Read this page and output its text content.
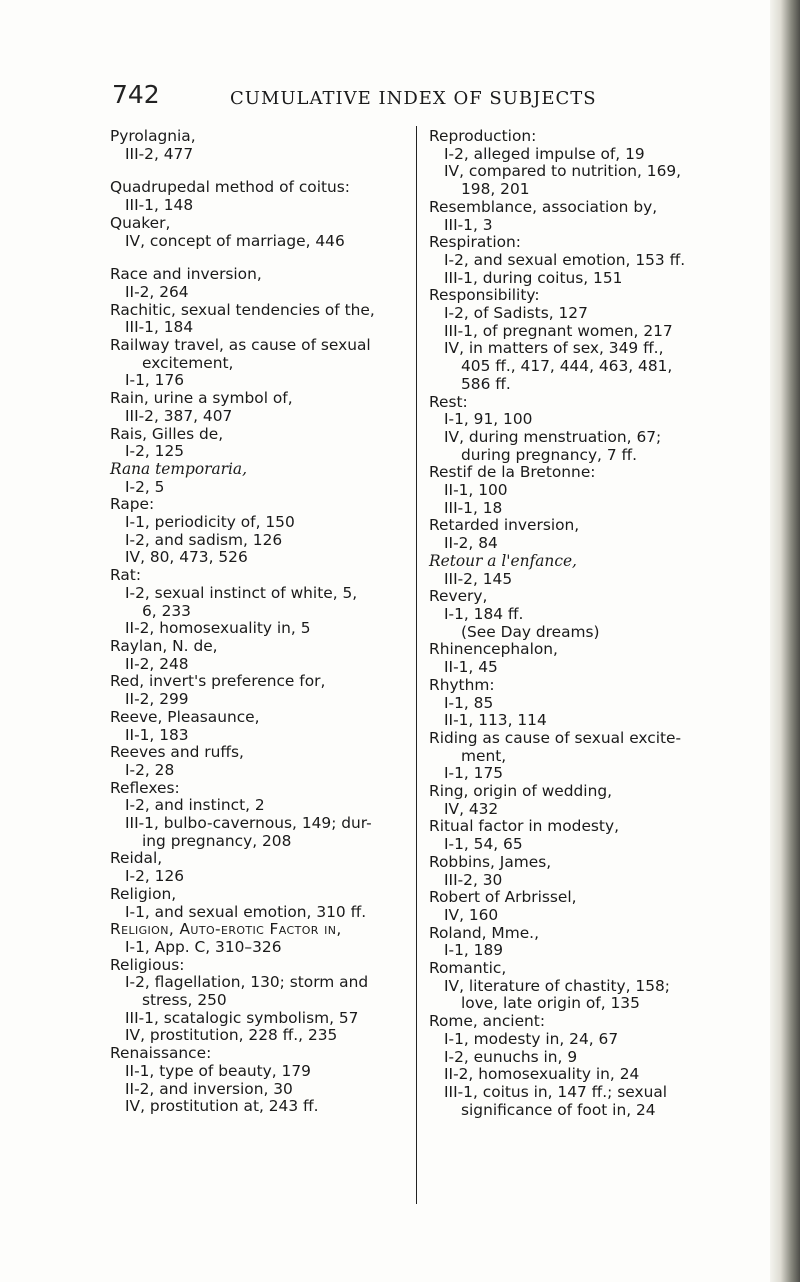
742	CUMULATIVE INDEX OF SUBJECTS
Pyrolagnia,
III-2, 477
Quadrupedal method of coitus:
III-1, 148
Quaker,
IV, concept of marriage, 446
Race and inversion,
II-2, 264
Rachitic, sexual tendencies of the,
III-1, 184
Railway travel, as cause of sexual
excitement,
I-1, 176
Rain, urine a symbol of,
III-2, 387, 407
Rais, Gilles de,
I-2, 125
Rana temporaria,
I-2, 5
Rape:
I-1, periodicity of, 150
I-2, and sadism, 126
IV, 80, 473, 526
Rat:
I-2, sexual instinct of white, 5,
6, 233
II-2, homosexuality in, 5
Raylan, N. de,
II-2, 248
Red, invert's preference for,
II-2, 299
Reeve, Pleasaunce,
II-1, 183
Reeves and ruffs,
I-2, 28
Reflexes:
I-2, and instinct, 2
III-1, bulbo-cavernous, 149; dur-
ing pregnancy, 208
Reidal,
I-2, 126
Religion,
I-1, and sexual emotion, 310 ff.
Religion, Auto-erotic Factor in,
I-1, App. C, 310–326
Religious:
I-2, flagellation, 130; storm and
stress, 250
III-1, scatalogic symbolism, 57
IV, prostitution, 228 ff., 235
Renaissance:
II-1, type of beauty, 179
II-2, and inversion, 30
IV, prostitution at, 243 ff.
Reproduction:
I-2, alleged impulse of, 19
IV, compared to nutrition, 169,
198, 201
Resemblance, association by,
III-1, 3
Respiration:
I-2, and sexual emotion, 153 ff.
III-1, during coitus, 151
Responsibility:
I-2, of Sadists, 127
III-1, of pregnant women, 217
IV, in matters of sex, 349 ff.,
405 ff., 417, 444, 463, 481,
586 ff.
Rest:
I-1, 91, 100
IV, during menstruation, 67;
during pregnancy, 7 ff.
Restif de la Bretonne:
II-1, 100
III-1, 18
Retarded inversion,
II-2, 84
Retour a l'enfance,
III-2, 145
Revery,
I-1, 184 ff.
(See Day dreams)
Rhinencephalon,
II-1, 45
Rhythm:
I-1, 85
II-1, 113, 114
Riding as cause of sexual excite-
ment,
I-1, 175
Ring, origin of wedding,
IV, 432
Ritual factor in modesty,
I-1, 54, 65
Robbins, James,
III-2, 30
Robert of Arbrissel,
IV, 160
Roland, Mme.,
I-1, 189
Romantic,
IV, literature of chastity, 158;
love, late origin of, 135
Rome, ancient:
I-1, modesty in, 24, 67
I-2, eunuchs in, 9
II-2, homosexuality in, 24
III-1, coitus in, 147 ff.; sexual
significance of foot in, 24
